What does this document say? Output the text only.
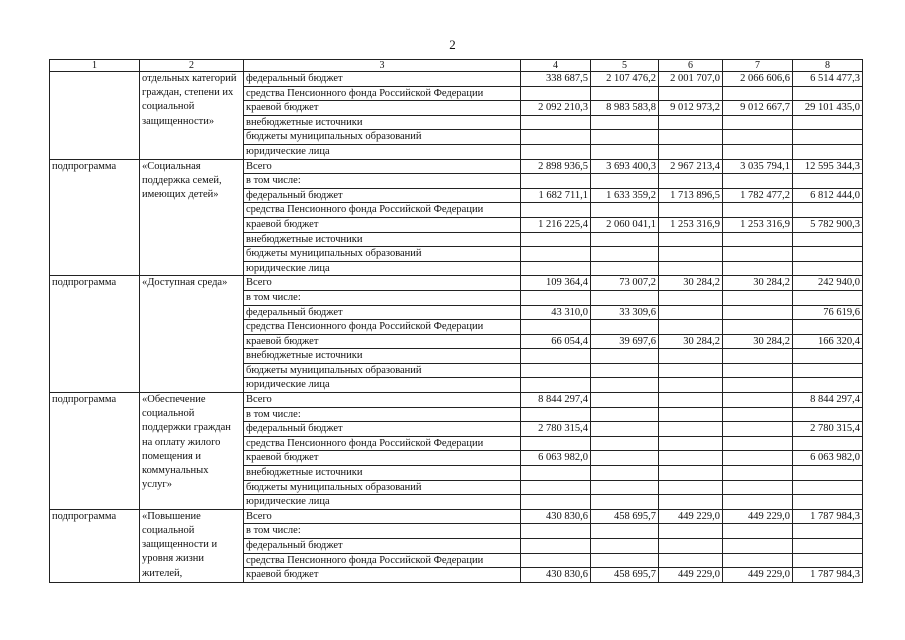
2
1	2	3	4	5	6	7	8
	отдельных категорий граждан, степени их социальной защищенности»	федеральный бюджет	338 687,5	2 107 476,2	2 001 707,0	2 066 606,6	6 514 477,3
		средства Пенсионного фонда Российской Федерации					
		краевой бюджет	2 092 210,3	8 983 583,8	9 012 973,2	9 012 667,7	29 101 435,0
		внебюджетные источники					
		бюджеты муниципальных образований					
		юридические лица					
подпрограмма	«Социальная поддержка семей, имеющих детей»	Всего	2 898 936,5	3 693 400,3	2 967 213,4	3 035 794,1	12 595 344,3
		в том числе:					
		федеральный бюджет	1 682 711,1	1 633 359,2	1 713 896,5	1 782 477,2	6 812 444,0
		средства Пенсионного фонда Российской Федерации					
		краевой бюджет	1 216 225,4	2 060 041,1	1 253 316,9	1 253 316,9	5 782 900,3
		внебюджетные источники					
		бюджеты муниципальных образований					
		юридические лица					
подпрограмма	«Доступная среда»	Всего	109 364,4	73 007,2	30 284,2	30 284,2	242 940,0
		в том числе:					
		федеральный бюджет	43 310,0	33 309,6			76 619,6
		средства Пенсионного фонда Российской Федерации					
		краевой бюджет	66 054,4	39 697,6	30 284,2	30 284,2	166 320,4
		внебюджетные источники					
		бюджеты муниципальных образований					
		юридические лица					
подпрограмма	«Обеспечение социальной поддержки граждан на оплату жилого помещения и коммунальных услуг»	Всего	8 844 297,4				8 844 297,4
		в том числе:					
		федеральный бюджет	2 780 315,4				2 780 315,4
		средства Пенсионного фонда Российской Федерации					
		краевой бюджет	6 063 982,0				6 063 982,0
		внебюджетные источники					
		бюджеты муниципальных образований					
		юридические лица					
подпрограмма	«Повышение социальной защищенности и уровня жизни жителей,	Всего	430 830,6	458 695,7	449 229,0	449 229,0	1 787 984,3
		в том числе:					
		федеральный бюджет					
		средства Пенсионного фонда Российской Федерации					
		краевой бюджет	430 830,6	458 695,7	449 229,0	449 229,0	1 787 984,3
